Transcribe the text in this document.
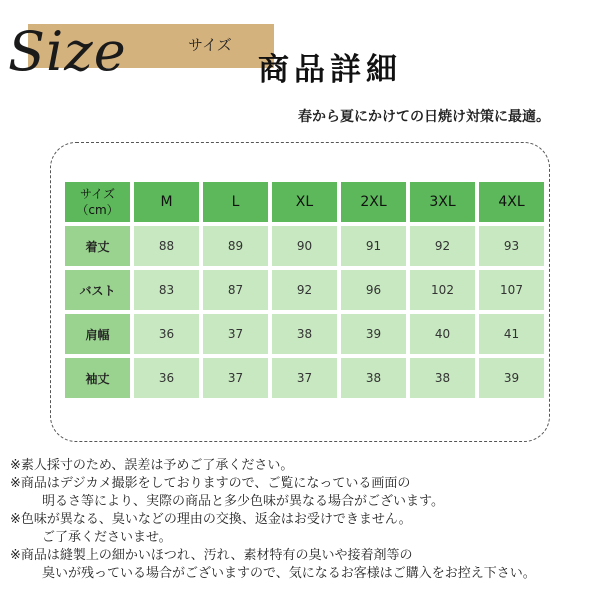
Size	サイズ
商品詳細
春から夏にかけての日焼け対策に最適。
サイズ
（cm）	M	L	XL	2XL	3XL	4XL
着丈	88	89	90	91	92	93
バスト	83	87	92	96	102	107
肩幅	36	37	38	39	40	41
袖丈	36	37	37	38	38	39
※素人採寸のため、誤差は予めご了承ください。
※商品はデジカメ撮影をしておりますので、ご覧になっている画面の
明るさ等により、実際の商品と多少色味が異なる場合がございます。
※色味が異なる、臭いなどの理由の交換、返金はお受けできません。
ご了承くださいませ。
※商品は縫製上の細かいほつれ、汚れ、素材特有の臭いや接着剤等の
臭いが残っている場合がございますので、気になるお客様はご購入をお控え下さい。
